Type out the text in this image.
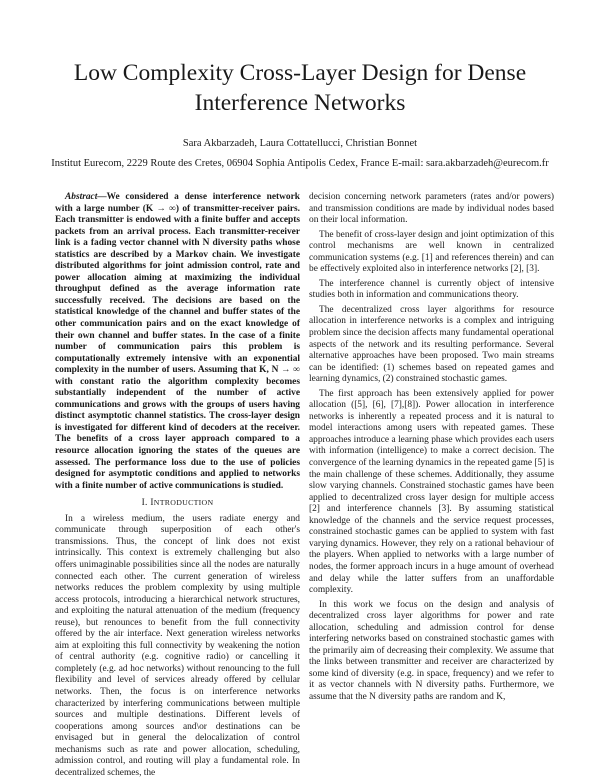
Low Complexity Cross-Layer Design for Dense
Interference Networks
Sara Akbarzadeh, Laura Cottatellucci, Christian Bonnet
Institut Eurecom, 2229 Route des Cretes, 06904 Sophia Antipolis Cedex, France E-mail: sara.akbarzadeh@eurecom.fr

Abstract—We considered a dense interference network with a large number (K → ∞) of transmitter-receiver pairs. Each transmitter is endowed with a finite buffer and accepts packets from an arrival process. Each transmitter-receiver link is a fading vector channel with N diversity paths whose statistics are described by a Markov chain. We investigate distributed algorithms for joint admission control, rate and power allocation aiming at maximizing the individual throughput defined as the average information rate successfully received. The decisions are based on the statistical knowledge of the channel and buffer states of the other communication pairs and on the exact knowledge of their own channel and buffer states. In the case of a finite number of communication pairs this problem is computationally extremely intensive with an exponential complexity in the number of users. Assuming that K, N → ∞ with constant ratio the algorithm complexity becomes substantially independent of the number of active communications and grows with the groups of users having distinct asymptotic channel statistics. The cross-layer design is investigated for different kind of decoders at the receiver. The benefits of a cross layer approach compared to a resource allocation ignoring the states of the queues are assessed. The performance loss due to the use of policies designed for asymptotic conditions and applied to networks with a finite number of active communications is studied.

I. INTRODUCTION

In a wireless medium, the users radiate energy and communicate through superposition of each other's transmissions. Thus, the concept of link does not exist intrinsically. This context is extremely challenging but also offers unimaginable possibilities since all the nodes are naturally connected each other. The current generation of wireless networks reduces the problem complexity by using multiple access protocols, introducing a hierarchical network structures, and exploiting the natural attenuation of the medium (frequency reuse), but renounces to benefit from the full connectivity offered by the air interface. Next generation wireless networks aim at exploiting this full connectivity by weakening the notion of central authority (e.g. cognitive radio) or cancelling it completely (e.g. ad hoc networks) without renouncing to the full flexibility and level of services already offered by cellular networks. Then, the focus is on interference networks characterized by interfering communications between multiple sources and multiple destinations. Different levels of cooperations among sources and\or destinations can be envisaged but in general the delocalization of control mechanisms such as rate and power allocation, scheduling, admission control, and routing will play a fundamental role. In decentralized schemes, the

decision concerning network parameters (rates and/or powers) and transmission conditions are made by individual nodes based on their local information.

The benefit of cross-layer design and joint optimization of this control mechanisms are well known in centralized communication systems (e.g. [1] and references therein) and can be effectively exploited also in interference networks [2], [3].

The interference channel is currently object of intensive studies both in information and communications theory.

The decentralized cross layer algorithms for resource allocation in interference networks is a complex and intriguing problem since the decision affects many fundamental operational aspects of the network and its resulting performance. Several alternative approaches have been proposed. Two main streams can be identified: (1) schemes based on repeated games and learning dynamics, (2) constrained stochastic games.

The first approach has been extensively applied for power allocation ([5], [6], [7],[8]). Power allocation in interference networks is inherently a repeated process and it is natural to model interactions among users with repeated games. These approaches introduce a learning phase which provides each users with information (intelligence) to make a correct decision. The convergence of the learning dynamics in the repeated game [5] is the main challenge of these schemes. Additionally, they assume slow varying channels. Constrained stochastic games have been applied to decentralized cross layer design for multiple access [2] and interference channels [3]. By assuming statistical knowledge of the channels and the service request processes, constrained stochastic games can be applied to system with fast varying dynamics. However, they rely on a rational behaviour of the players. When applied to networks with a large number of nodes, the former approach incurs in a huge amount of overhead and delay while the latter suffers from an unaffordable complexity.

In this work we focus on the design and analysis of decentralized cross layer algorithms for power and rate allocation, scheduling and admission control for dense interfering networks based on constrained stochastic games with the primarily aim of decreasing their complexity. We assume that the links between transmitter and receiver are characterized by some kind of diversity (e.g. in space, frequency) and we refer to it as vector channels with N diversity paths. Furthermore, we assume that the N diversity paths are random and K,
